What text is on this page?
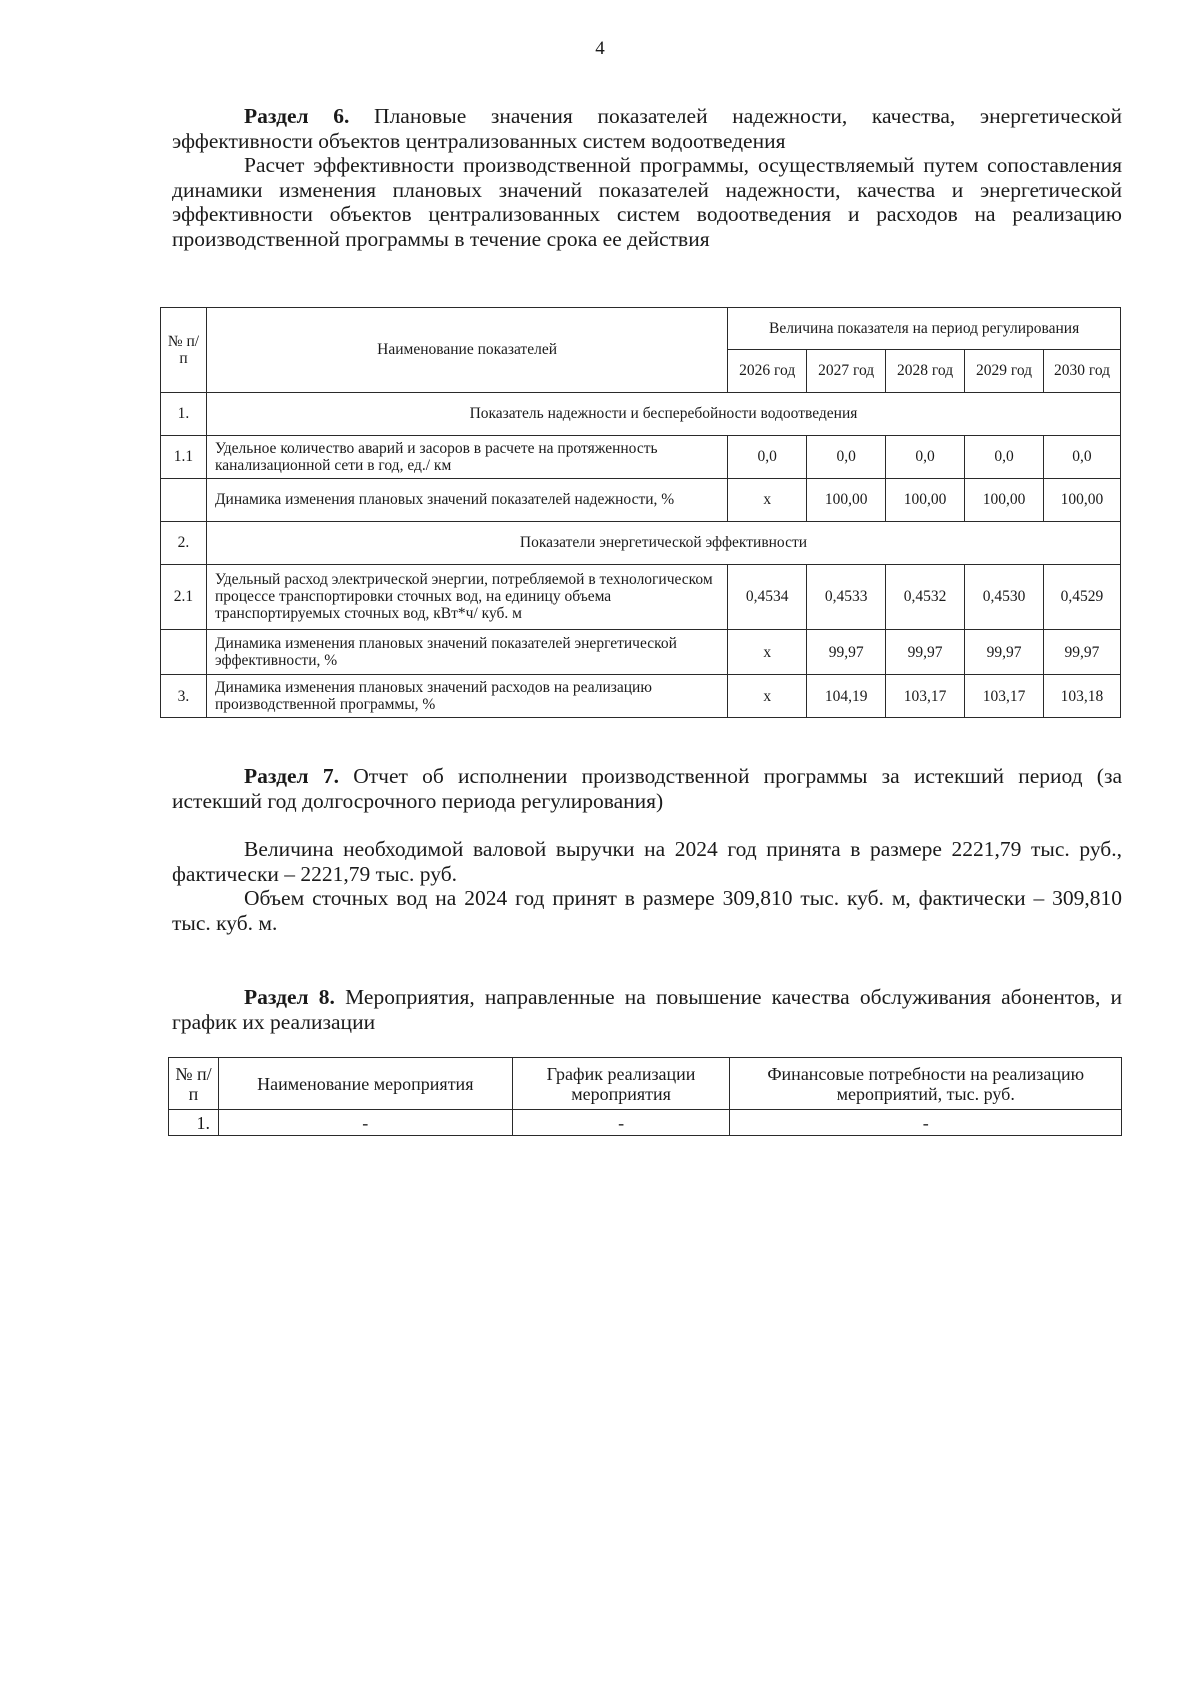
4

Раздел 6. Плановые значения показателей надежности, качества, энергетической эффективности объектов централизованных систем водоотведения

Расчет эффективности производственной программы, осуществляемый путем сопоставления динамики изменения плановых значений показателей надежности, качества и энергетической эффективности объектов централизованных систем водоотведения и расходов на реализацию производственной программы в течение срока ее действия

№ п/ п	Наименование показателей	Величина показателя на период регулирования				
		2026 год	2027 год	2028 год	2029 год	2030 год
1.	Показатель надежности и бесперебойности водоотведения					
1.1	Удельное количество аварий и засоров в расчете на протяженность канализационной сети в год, ед./ км	0,0	0,0	0,0	0,0	0,0
	Динамика изменения плановых значений показателей надежности, %	х	100,00	100,00	100,00	100,00
2.	Показатели энергетической эффективности					
2.1	Удельный расход электрической энергии, потребляемой в технологическом процессе транспортировки сточных вод, на единицу объема транспортируемых сточных вод, кВт*ч/ куб. м	0,4534	0,4533	0,4532	0,4530	0,4529
	Динамика изменения плановых значений показателей энергетической эффективности, %	х	99,97	99,97	99,97	99,97
3.	Динамика изменения плановых значений расходов на реализацию производственной программы, %	х	104,19	103,17	103,17	103,18

Раздел 7. Отчет об исполнении производственной программы за истекший период (за истекший год долгосрочного периода регулирования)

Величина необходимой валовой выручки на 2024 год принята в размере 2221,79 тыс. руб., фактически – 2221,79 тыс. руб.

Объем сточных вод на 2024 год принят в размере 309,810 тыс. куб. м, фактически – 309,810 тыс. куб. м.

Раздел 8. Мероприятия, направленные на повышение качества обслуживания абонентов, и график их реализации

№ п/п	Наименование мероприятия	График реализации мероприятия	Финансовые потребности на реализацию мероприятий, тыс. руб.
1.	-	-	-
